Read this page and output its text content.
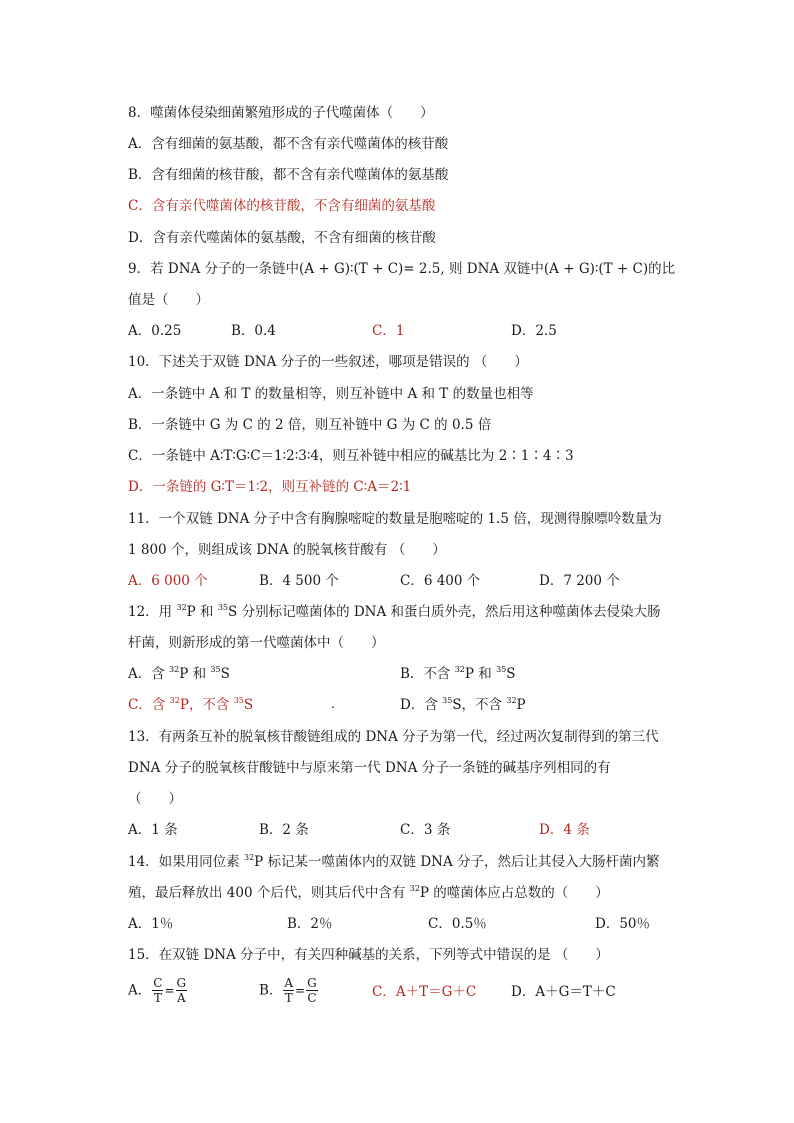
8．噬菌体侵染细菌繁殖形成的子代噬菌体（　　）
A．含有细菌的氨基酸，都不含有亲代噬菌体的核苷酸
B．含有细菌的核苷酸，都不含有亲代噬菌体的氨基酸
C．含有亲代噬菌体的核苷酸，不含有细菌的氨基酸
D．含有亲代噬菌体的氨基酸，不含有细菌的核苷酸
9．若 DNA 分子的一条链中(A + G)∶(T + C)= 2.5, 则 DNA 双链中(A + G)∶(T + C)的比
值是（　　）
A．0.25	B．0.4	C．1	D．2.5
10．下述关于双链 DNA 分子的一些叙述，哪项是错误的 （　　）
A．一条链中 A 和 T 的数量相等，则互补链中 A 和 T 的数量也相等
B．一条链中 G 为 C 的 2 倍，则互补链中 G 为 C 的 0.5 倍
C．一条链中 A∶T∶G∶C＝1∶2∶3∶4，则互补链中相应的碱基比为 2∶1∶4∶3
D．一条链的 G∶T＝1∶2，则互补链的 C∶A＝2∶1
11．一个双链 DNA 分子中含有胸腺嘧啶的数量是胞嘧啶的 1.5 倍，现测得腺嘌呤数量为
1 800 个，则组成该 DNA 的脱氧核苷酸有 （　　）
A．6 000 个	B．4 500 个	C．6 400 个	D．7 200 个
12．用 $^{32}$P 和 $^{35}$S 分别标记噬菌体的 DNA 和蛋白质外壳，然后用这种噬菌体去侵染大肠
杆菌，则新形成的第一代噬菌体中（　　）
A．含 $^{32}$P 和 $^{35}$S	B．不含 $^{32}$P 和 $^{35}$S
C．含 $^{32}$P，不含 $^{35}$S	.	D．含 $^{35}$S，不含 $^{32}$P
13．有两条互补的脱氧核苷酸链组成的 DNA 分子为第一代，经过两次复制得到的第三代
DNA 分子的脱氧核苷酸链中与原来第一代 DNA 分子一条链的碱基序列相同的有
（　　）
A．1 条	B．2 条	C．3 条	D．4 条
14．如果用同位素 $^{32}$P 标记某一噬菌体内的双链 DNA 分子，然后让其侵入大肠杆菌内繁
殖，最后释放出 400 个后代，则其后代中含有 $^{32}$P 的噬菌体应占总数的（　　）
A．1％	B．2％	C．0.5％	D．50％
15．在双链 DNA 分子中，有关四种碱基的关系，下列等式中错误的是 （　　）
A． $\frac{C}{T} = \frac{G}{A}$	B． $\frac{A}{T} = \frac{G}{C}$	C．A＋T＝G＋C	D．A＋G＝T＋C
